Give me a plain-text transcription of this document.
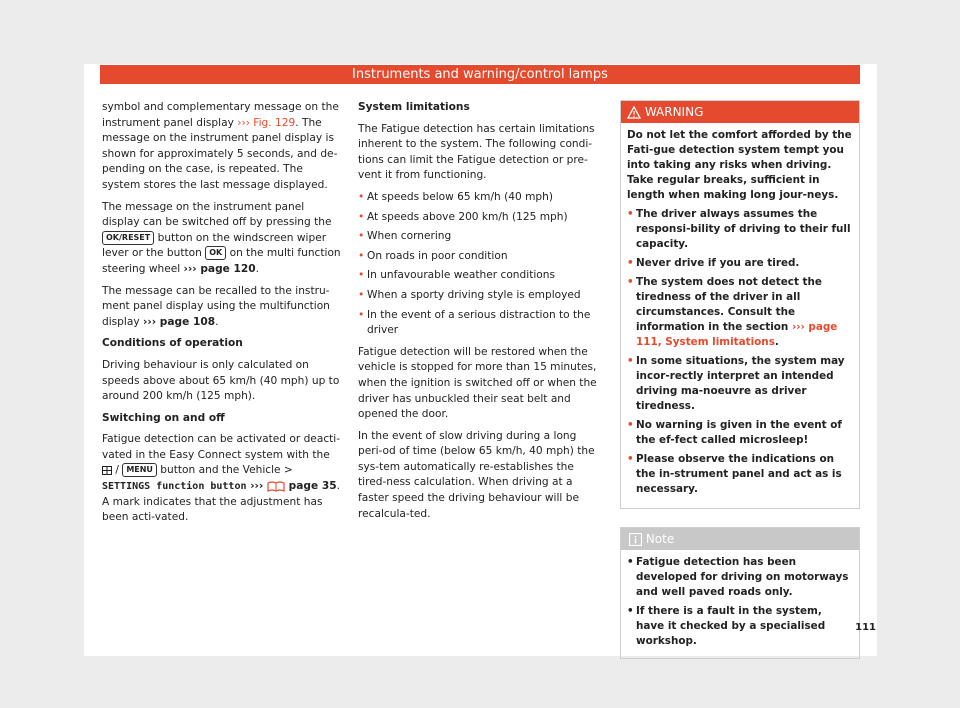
Instruments and warning/control lamps

symbol and complementary message on the instrument panel display ››› Fig. 129. The message on the instrument panel display is shown for approximately 5 seconds, and de-pending on the case, is repeated. The system stores the last message displayed.

The message on the instrument panel display can be switched off by pressing the OK/RESET button on the windscreen wiper lever or the button OK on the multi function steering wheel ››› page 120.

The message can be recalled to the instru-ment panel display using the multifunction display ››› page 108.

Conditions of operation

Driving behaviour is only calculated on speeds above about 65 km/h (40 mph) up to around 200 km/h (125 mph).

Switching on and off

Fatigue detection can be activated or deacti-vated in the Easy Connect system with the  / MENU button and the Vehicle > SETTINGS function button ›››  page 35. A mark indicates that the adjustment has been acti-vated.

System limitations

The Fatigue detection has certain limitations inherent to the system. The following condi-tions can limit the Fatigue detection or pre-vent it from functioning.

• At speeds below 65 km/h (40 mph)
• At speeds above 200 km/h (125 mph)
• When cornering
• On roads in poor condition
• In unfavourable weather conditions
• When a sporty driving style is employed
• In the event of a serious distraction to the driver

Fatigue detection will be restored when the vehicle is stopped for more than 15 minutes, when the ignition is switched off or when the driver has unbuckled their seat belt and opened the door.

In the event of slow driving during a long peri-od of time (below 65 km/h, 40 mph) the sys-tem automatically re-establishes the tired-ness calculation. When driving at a faster speed the driving behaviour will be recalcula-ted.

WARNING

Do not let the comfort afforded by the Fati-gue detection system tempt you into taking any risks when driving. Take regular breaks, sufficient in length when making long jour-neys.

• The driver always assumes the responsi-bility of driving to their full capacity.
• Never drive if you are tired.
• The system does not detect the tiredness of the driver in all circumstances. Consult the information in the section ››› page 111, System limitations.
• In some situations, the system may incor-rectly interpret an intended driving ma-noeuvre as driver tiredness.
• No warning is given in the event of the ef-fect called microsleep!
• Please observe the indications on the in-strument panel and act as is necessary.
Note
• Fatigue detection has been developed for driving on motorways and well paved roads only.
• If there is a fault in the system, have it checked by a specialised workshop.
111
